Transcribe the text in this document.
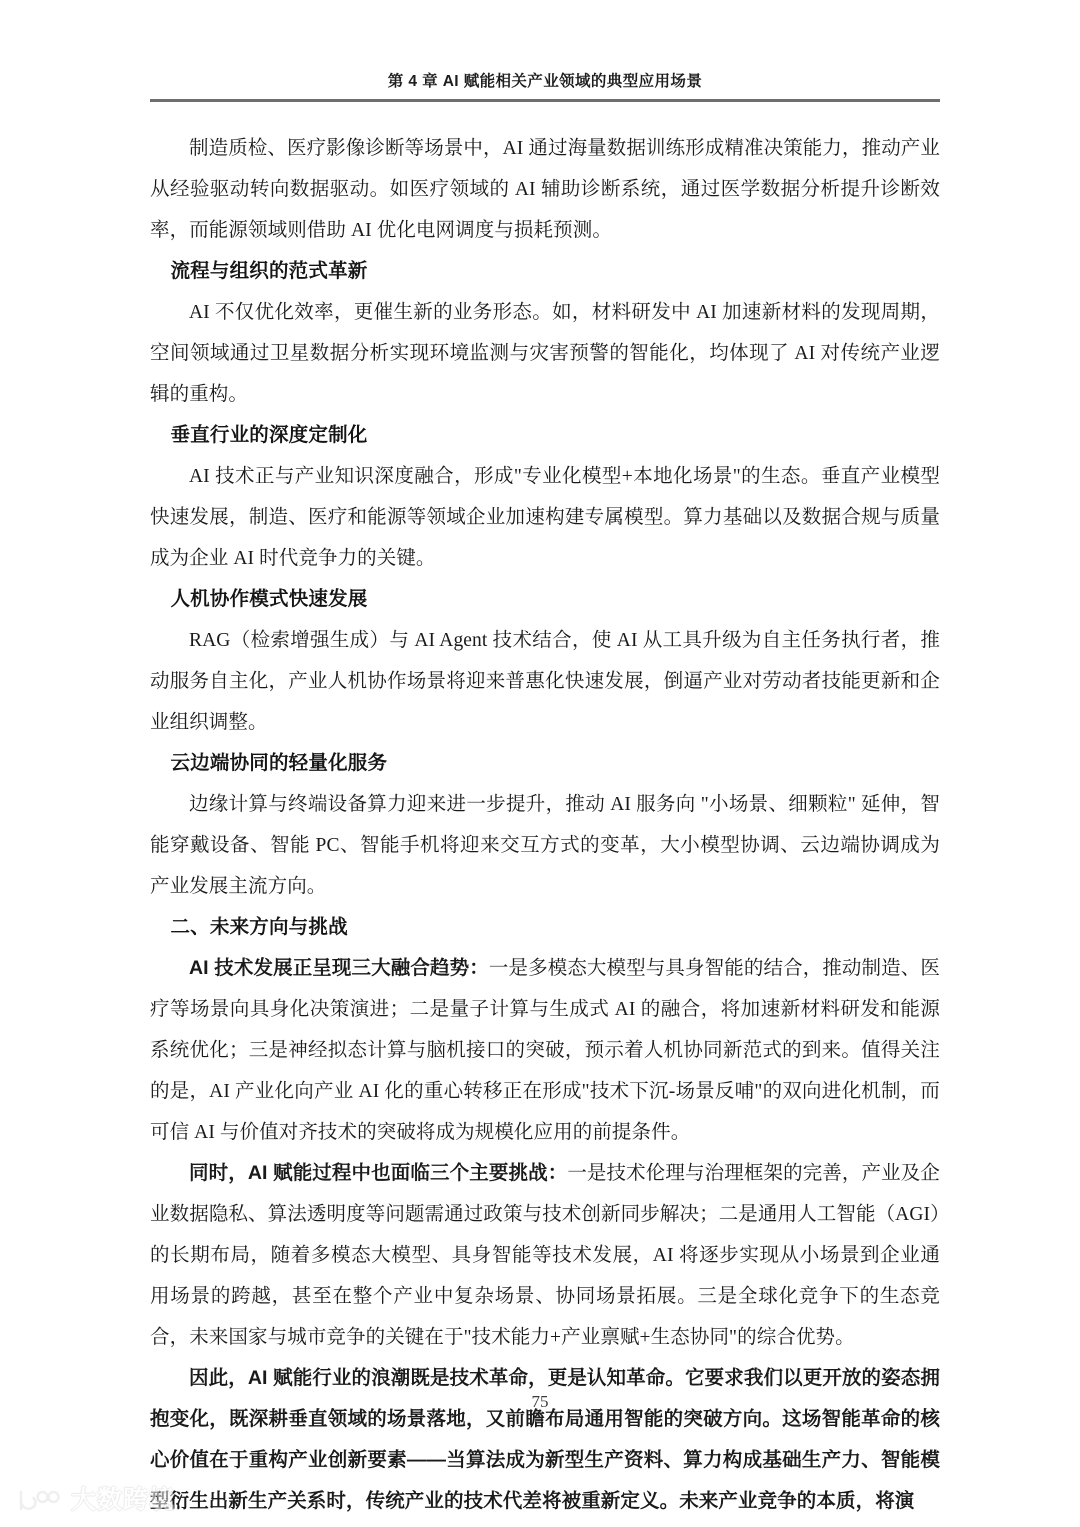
第 4 章 AI 赋能相关产业领域的典型应用场景

制造质检、医疗影像诊断等场景中，AI 通过海量数据训练形成精准决策能力，推动产业从经验驱动转向数据驱动。如医疗领域的 AI 辅助诊断系统，通过医学数据分析提升诊断效率，而能源领域则借助 AI 优化电网调度与损耗预测。

流程与组织的范式革新

AI 不仅优化效率，更催生新的业务形态。如，材料研发中 AI 加速新材料的发现周期，空间领域通过卫星数据分析实现环境监测与灾害预警的智能化，均体现了 AI 对传统产业逻辑的重构。

垂直行业的深度定制化

AI 技术正与产业知识深度融合，形成"专业化模型+本地化场景"的生态。垂直产业模型快速发展，制造、医疗和能源等领域企业加速构建专属模型。算力基础以及数据合规与质量成为企业 AI 时代竞争力的关键。

人机协作模式快速发展

RAG（检索增强生成）与 AI Agent 技术结合，使 AI 从工具升级为自主任务执行者，推动服务自主化，产业人机协作场景将迎来普惠化快速发展，倒逼产业对劳动者技能更新和企业组织调整。

云边端协同的轻量化服务

边缘计算与终端设备算力迎来进一步提升，推动 AI 服务向 "小场景、细颗粒" 延伸，智能穿戴设备、智能 PC、智能手机将迎来交互方式的变革，大小模型协调、云边端协调成为产业发展主流方向。

二、未来方向与挑战

AI 技术发展正呈现三大融合趋势：一是多模态大模型与具身智能的结合，推动制造、医疗等场景向具身化决策演进；二是量子计算与生成式 AI 的融合，将加速新材料研发和能源系统优化；三是神经拟态计算与脑机接口的突破，预示着人机协同新范式的到来。值得关注的是，AI 产业化向产业 AI 化的重心转移正在形成"技术下沉-场景反哺"的双向进化机制，而可信 AI 与价值对齐技术的突破将成为规模化应用的前提条件。

同时，AI 赋能过程中也面临三个主要挑战：一是技术伦理与治理框架的完善，产业及企业数据隐私、算法透明度等问题需通过政策与技术创新同步解决；二是通用人工智能（AGI）的长期布局，随着多模态大模型、具身智能等技术发展，AI 将逐步实现从小场景到企业通用场景的跨越，甚至在整个产业中复杂场景、协同场景拓展。三是全球化竞争下的生态竞合，未来国家与城市竞争的关键在于"技术能力+产业禀赋+生态协同"的综合优势。

因此，AI 赋能行业的浪潮既是技术革命，更是认知革命。它要求我们以更开放的姿态拥抱变化，既深耕垂直领域的场景落地，又前瞻布局通用智能的突破方向。这场智能革命的核心价值在于重构产业创新要素——当算法成为新型生产资料、算力构成基础生产力、智能模型衍生出新生产关系时，传统产业的技术代差将被重新定义。未来产业竞争的本质，将演

75
大数跨境
